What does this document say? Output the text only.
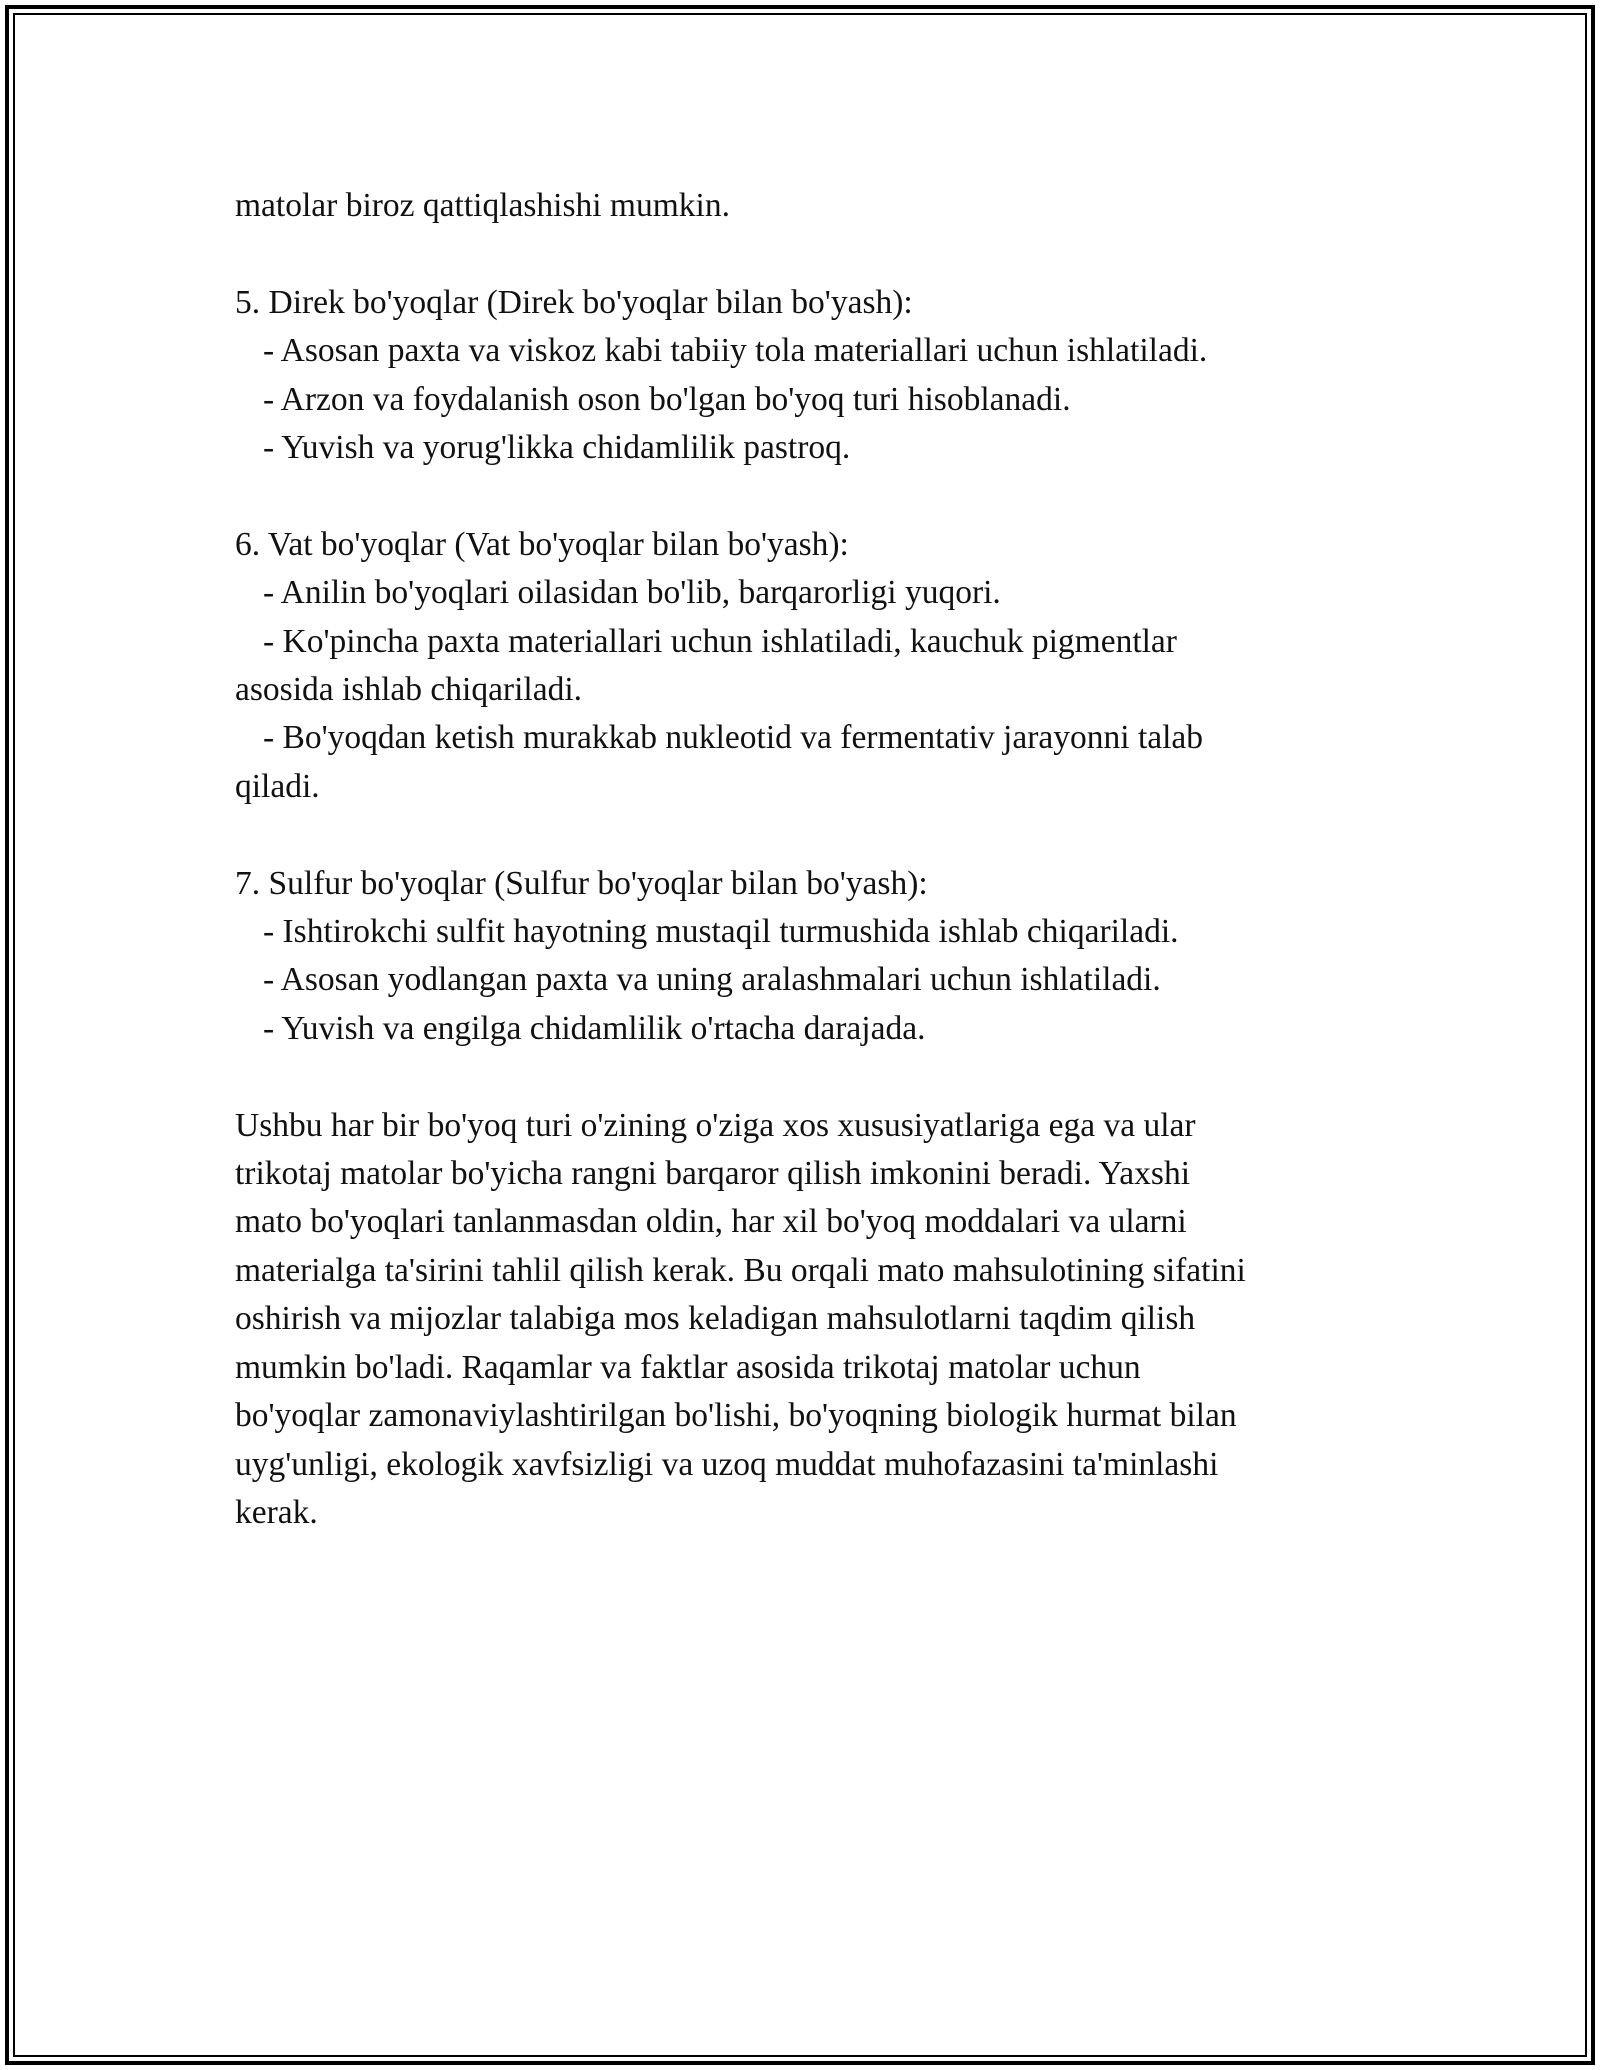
matolar biroz qattiqlashishi mumkin.
5. Direk bo'yoqlar (Direk bo'yoqlar bilan bo'yash):
- Asosan paxta va viskoz kabi tabiiy tola materiallari uchun ishlatiladi.
- Arzon va foydalanish oson bo'lgan bo'yoq turi hisoblanadi.
- Yuvish va yorug'likka chidamlilik pastroq.
6. Vat bo'yoqlar (Vat bo'yoqlar bilan bo'yash):
- Anilin bo'yoqlari oilasidan bo'lib, barqarorligi yuqori.
- Ko'pincha paxta materiallari uchun ishlatiladi, kauchuk pigmentlar
asosida ishlab chiqariladi.
- Bo'yoqdan ketish murakkab nukleotid va fermentativ jarayonni talab
qiladi.
7. Sulfur bo'yoqlar (Sulfur bo'yoqlar bilan bo'yash):
- Ishtirokchi sulfit hayotning mustaqil turmushida ishlab chiqariladi.
- Asosan yodlangan paxta va uning aralashmalari uchun ishlatiladi.
- Yuvish va engilga chidamlilik o'rtacha darajada.
Ushbu har bir bo'yoq turi o'zining o'ziga xos xususiyatlariga ega va ular
trikotaj matolar bo'yicha rangni barqaror qilish imkonini beradi. Yaxshi
mato bo'yoqlari tanlanmasdan oldin, har xil bo'yoq moddalari va ularni
materialga ta'sirini tahlil qilish kerak. Bu orqali mato mahsulotining sifatini
oshirish va mijozlar talabiga mos keladigan mahsulotlarni taqdim qilish
mumkin bo'ladi. Raqamlar va faktlar asosida trikotaj matolar uchun
bo'yoqlar zamonaviylashtirilgan bo'lishi, bo'yoqning biologik hurmat bilan
uyg'unligi, ekologik xavfsizligi va uzoq muddat muhofazasini ta'minlashi
kerak.
